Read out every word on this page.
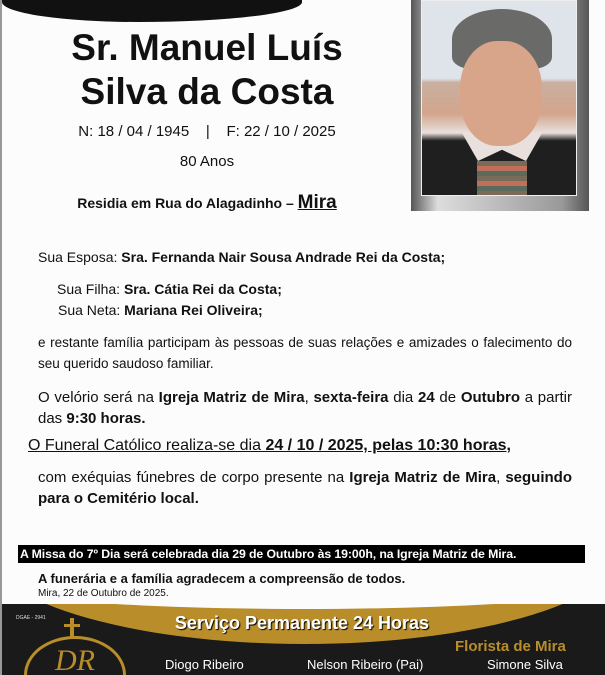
Sr. Manuel Luís
Silva da Costa
N: 18 / 04 / 1945    |    F: 22 / 10 / 2025
80 Anos
Residia em Rua do Alagadinho – Mira
Sua Esposa: Sra. Fernanda Nair Sousa Andrade Rei da Costa;
Sua Filha: Sra. Cátia Rei da Costa;
Sua Neta: Mariana Rei Oliveira;
e restante família participam às pessoas de suas relações e amizades o falecimento do seu querido saudoso familiar.
O velório será na Igreja Matriz de Mira, sexta-feira dia 24 de Outubro a partir das 9:30 horas.
O Funeral Católico realiza-se dia 24 / 10 / 2025, pelas 10:30 horas,
com exéquias fúnebres de corpo presente na Igreja Matriz de Mira, seguindo para o Cemitério local.
A Missa do 7º Dia será celebrada dia 29 de Outubro às 19:00h, na Igreja Matriz de Mira.
A funerária e a família agradecem a compreensão de todos.
Mira, 22 de Outubro de 2025.
DGAE - 2941
DR
Serviço Permanente 24 Horas
Florista de Mira
Diogo Ribeiro	Nelson Ribeiro (Pai)	Simone Silva
